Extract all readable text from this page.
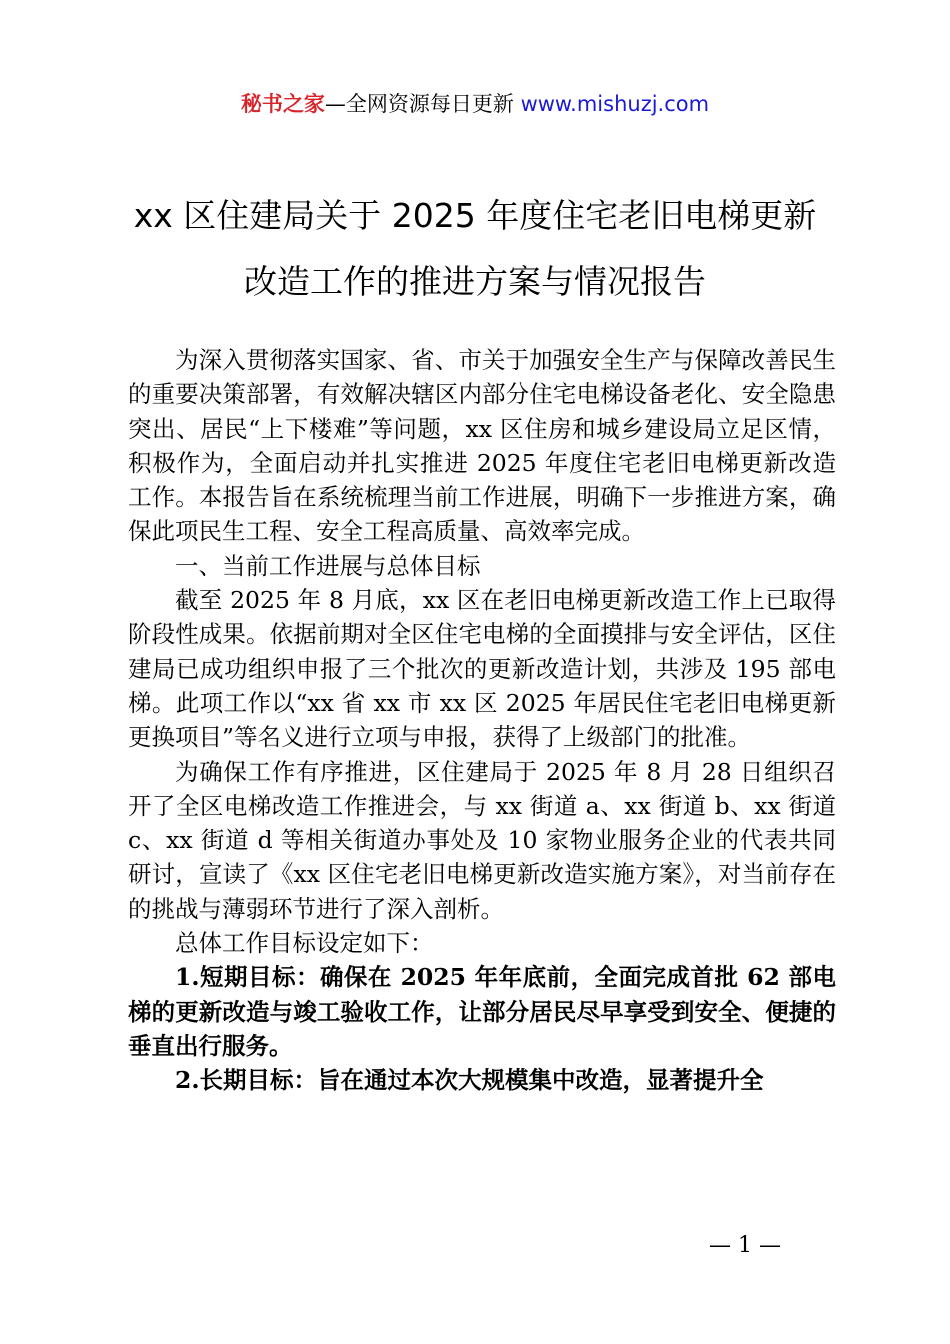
秘书之家—全网资源每日更新 www.mishuzj.com
xx 区住建局关于 2025 年度住宅老旧电梯更新
改造工作的推进方案与情况报告

为深入贯彻落实国家、省、市关于加强安全生产与保障改善民生的重要决策部署，有效解决辖区内部分住宅电梯设备老化、安全隐患突出、居民“上下楼难”等问题，xx 区住房和城乡建设局立足区情，积极作为，全面启动并扎实推进 2025 年度住宅老旧电梯更新改造工作。本报告旨在系统梳理当前工作进展，明确下一步推进方案，确保此项民生工程、安全工程高质量、高效率完成。

一、当前工作进展与总体目标

截至 2025 年 8 月底，xx 区在老旧电梯更新改造工作上已取得阶段性成果。依据前期对全区住宅电梯的全面摸排与安全评估，区住建局已成功组织申报了三个批次的更新改造计划，共涉及 195 部电梯。此项工作以“xx 省 xx 市 xx 区 2025 年居民住宅老旧电梯更新更换项目”等名义进行立项与申报，获得了上级部门的批准。

为确保工作有序推进，区住建局于 2025 年 8 月 28 日组织召开了全区电梯改造工作推进会，与 xx 街道 a、xx 街道 b、xx 街道 c、xx 街道 d 等相关街道办事处及 10 家物业服务企业的代表共同研讨，宣读了《xx 区住宅老旧电梯更新改造实施方案》，对当前存在的挑战与薄弱环节进行了深入剖析。

总体工作目标设定如下：

1.短期目标：确保在 2025 年年底前，全面完成首批 62 部电梯的更新改造与竣工验收工作，让部分居民尽早享受到安全、便捷的垂直出行服务。

2.长期目标：旨在通过本次大规模集中改造，显著提升全

— 1 —
